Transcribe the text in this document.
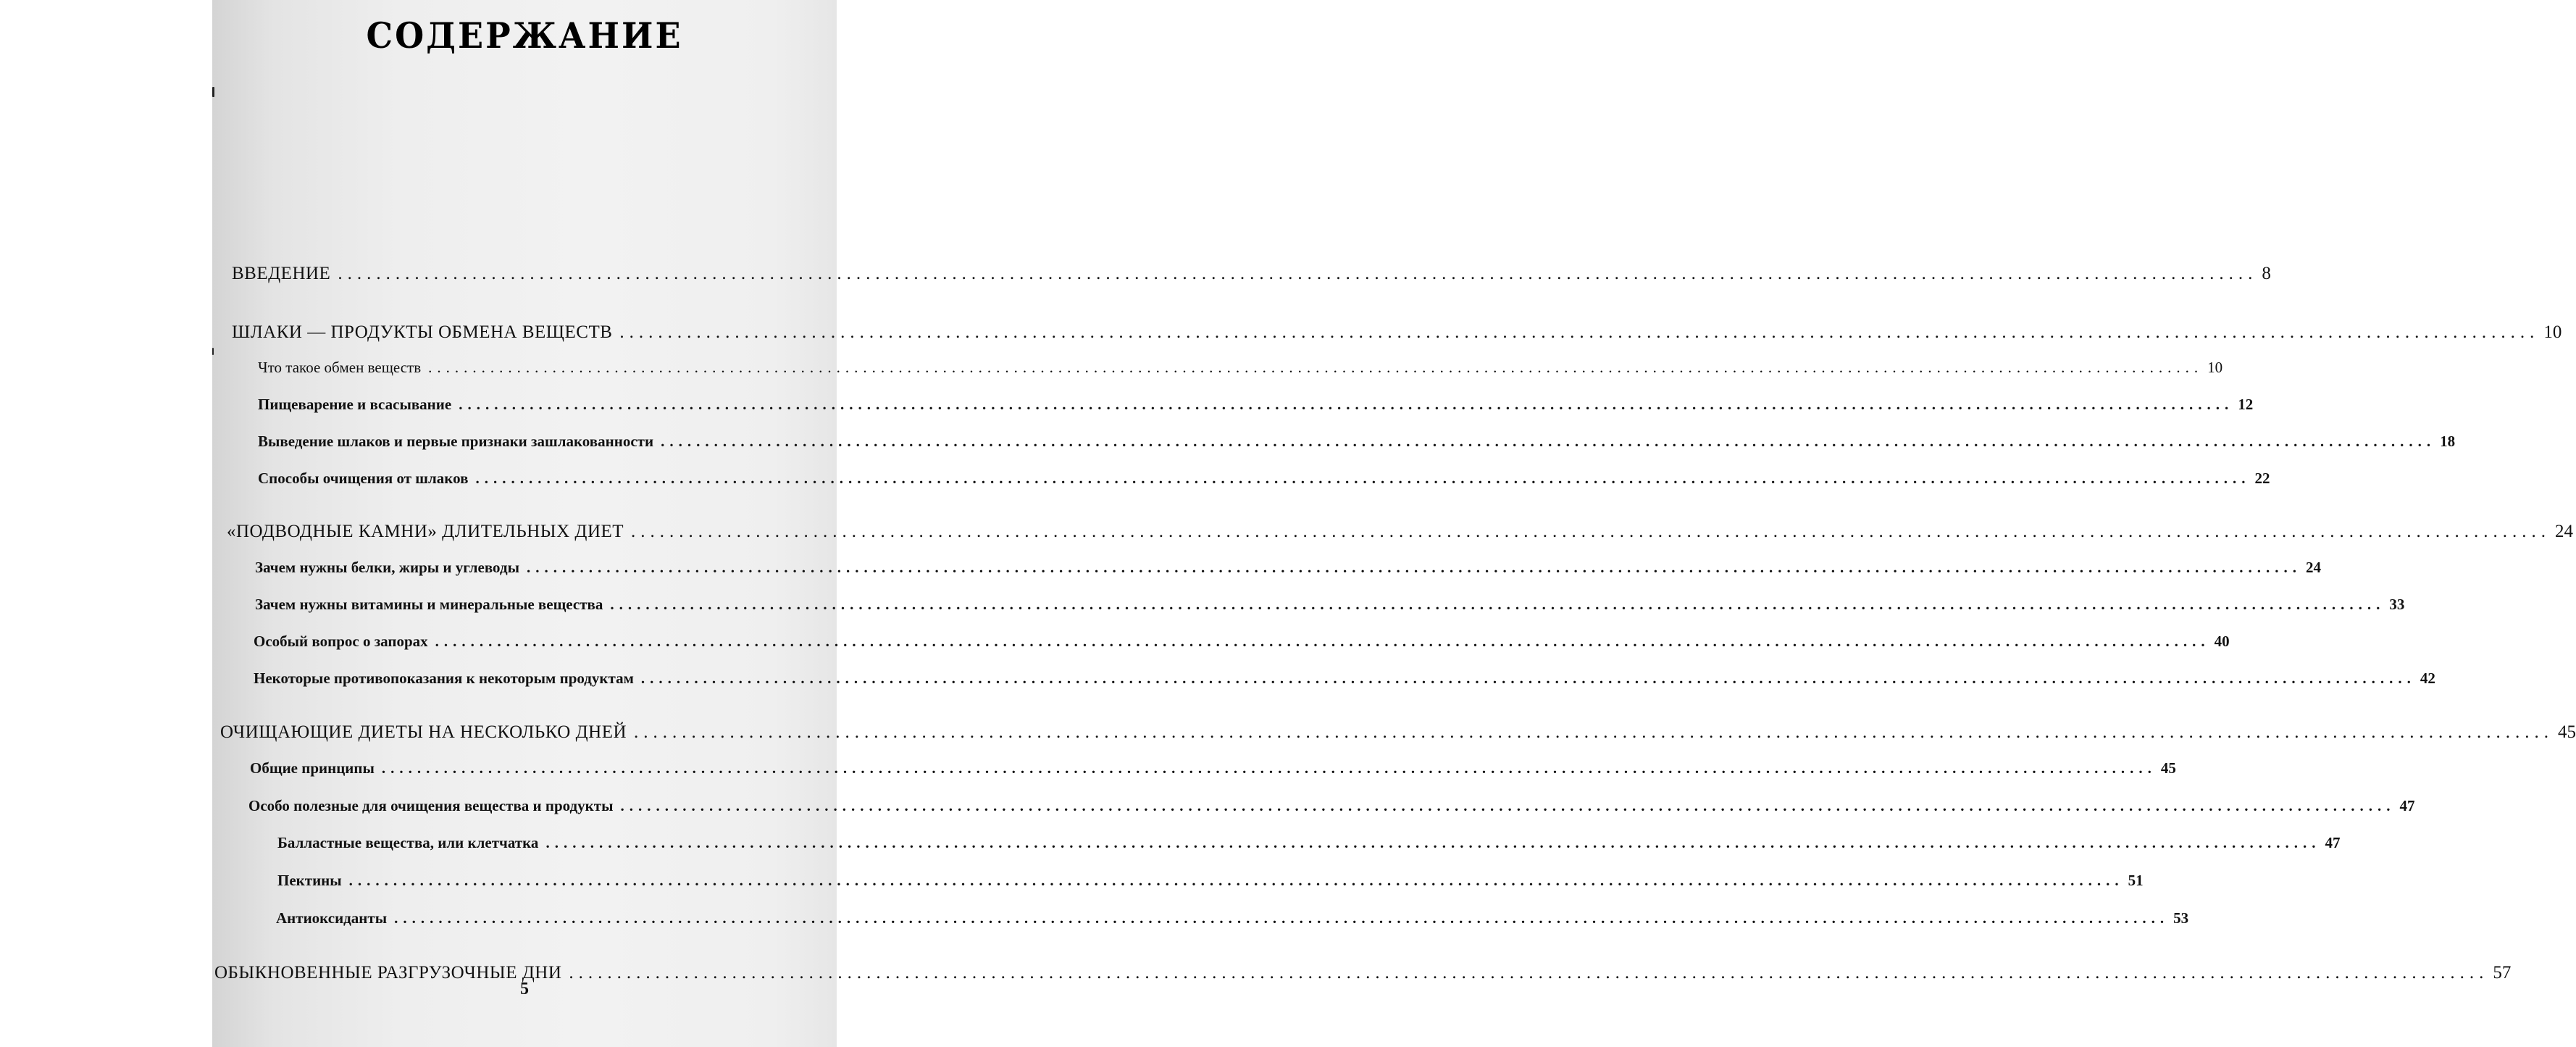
СОДЕРЖАНИЕ
ВВЕДЕНИЕ ........................................................................................................................................................................................................ 8
ШЛАКИ — ПРОДУКТЫ ОБМЕНА ВЕЩЕСТВ ........................................................................................................................................................................................................ 10
Что такое обмен веществ ........................................................................................................................................................................................................ 10
Пищеварение и всасывание ........................................................................................................................................................................................................ 12
Выведение шлаков и первые признаки зашлакованности ........................................................................................................................................................................................................ 18
Способы очищения от шлаков ........................................................................................................................................................................................................ 22
«ПОДВОДНЫЕ КАМНИ» ДЛИТЕЛЬНЫХ ДИЕТ ........................................................................................................................................................................................................ 24
Зачем нужны белки, жиры и углеводы ........................................................................................................................................................................................................ 24
Зачем нужны витамины и минеральные вещества ........................................................................................................................................................................................................ 33
Особый вопрос о запорах ........................................................................................................................................................................................................ 40
Некоторые противопоказания к некоторым продуктам ........................................................................................................................................................................................................ 42
ОЧИЩАЮЩИЕ ДИЕТЫ НА НЕСКОЛЬКО ДНЕЙ ........................................................................................................................................................................................................ 45
Общие принципы ........................................................................................................................................................................................................ 45
Особо полезные для очищения вещества и продукты ........................................................................................................................................................................................................ 47
Балластные вещества, или клетчатка ........................................................................................................................................................................................................ 47
Пектины ........................................................................................................................................................................................................ 51
Антиоксиданты ........................................................................................................................................................................................................ 53
ОБЫКНОВЕННЫЕ РАЗГРУЗОЧНЫЕ ДНИ ........................................................................................................................................................................................................ 57
5
